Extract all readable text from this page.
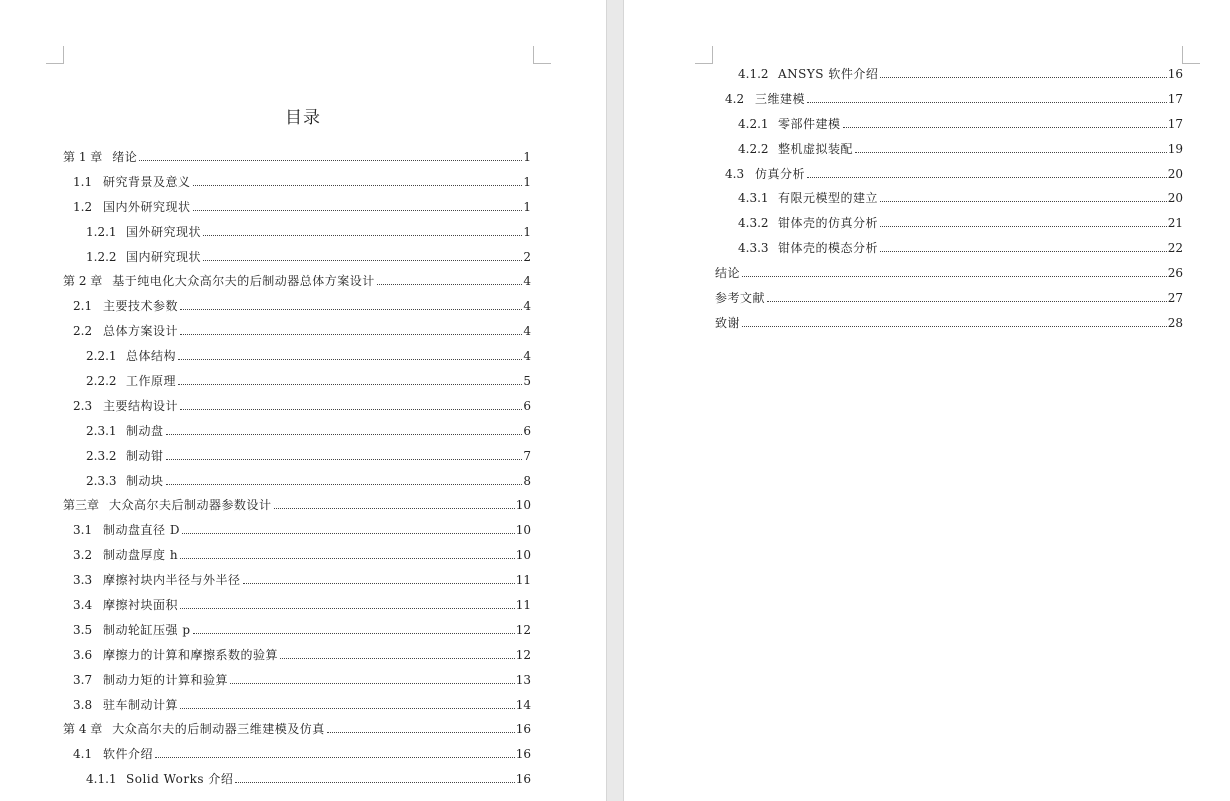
目录
第 1 章 绪论	1
1.1 研究背景及意义	1
1.2 国内外研究现状	1
1.2.1 国外研究现状	1
1.2.2 国内研究现状	2
第 2 章 基于纯电化大众高尔夫的后制动器总体方案设计	4
2.1 主要技术参数	4
2.2 总体方案设计	4
2.2.1 总体结构	4
2.2.2 工作原理	5
2.3 主要结构设计	6
2.3.1 制动盘	6
2.3.2 制动钳	7
2.3.3 制动块	8
第三章 大众高尔夫后制动器参数设计	10
3.1 制动盘直径 D	10
3.2 制动盘厚度 h	10
3.3 摩擦衬块内半径与外半径	11
3.4 摩擦衬块面积	11
3.5 制动轮缸压强 p	12
3.6 摩擦力的计算和摩擦系数的验算	12
3.7 制动力矩的计算和验算	13
3.8 驻车制动计算	14
第 4 章 大众高尔夫的后制动器三维建模及仿真	16
4.1 软件介绍	16
4.1.1 Solid Works 介绍	16
4.1.2 ANSYS 软件介绍	16
4.2 三维建模	17
4.2.1 零部件建模	17
4.2.2 整机虚拟装配	19
4.3 仿真分析	20
4.3.1 有限元模型的建立	20
4.3.2 钳体壳的仿真分析	21
4.3.3 钳体壳的模态分析	22
结论	26
参考文献	27
致谢	28
